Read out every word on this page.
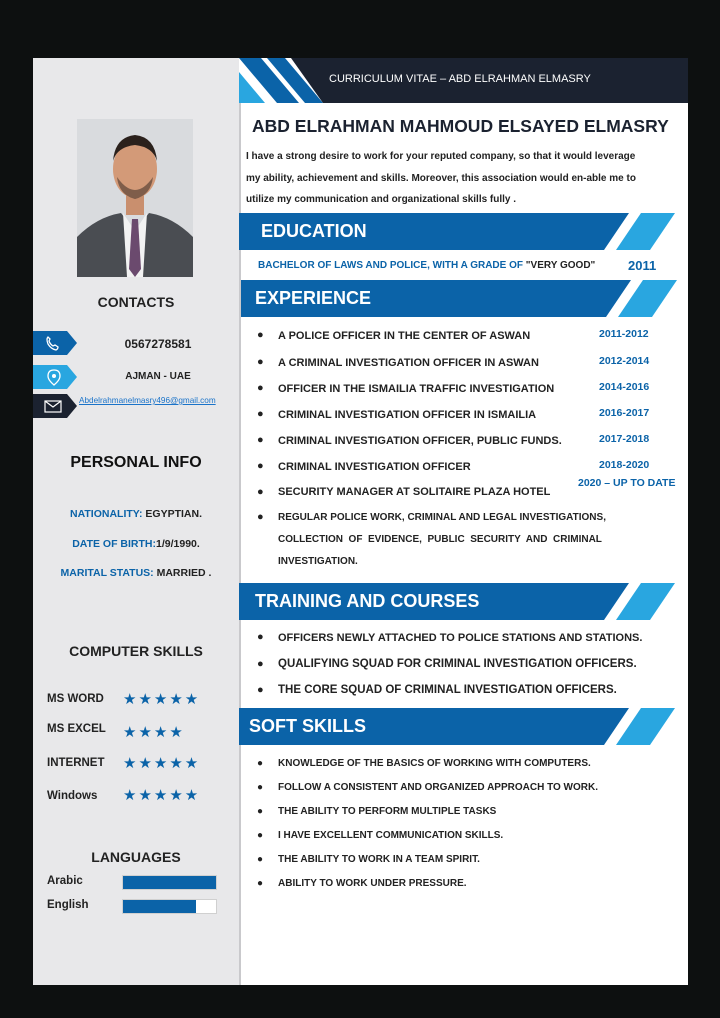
CONTACTS
0567278581
AJMAN - UAE
Abdelrahmanelmasry496@gmail.com
PERSONAL INFO
NATIONALITY: EGYPTIAN.
DATE OF BIRTH:1/9/1990.
MARITAL STATUS: MARRIED .
COMPUTER SKILLS
MS WORD ★★★★★
MS EXCEL ★★★★
INTERNET ★★★★★
Windows ★★★★★
LANGUAGES
Arabic
English
CURRICULUM VITAE – ABD ELRAHMAN ELMASRY
ABD ELRAHMAN MAHMOUD ELSAYED ELMASRY
I have a strong desire to work for your reputed company, so that it would leverage
my ability, achievement and skills. Moreover, this association would en-able me to
utilize my communication and organizational skills fully .
EDUCATION
BACHELOR OF LAWS AND POLICE, WITH A GRADE OF "VERY GOOD"	2011
EXPERIENCE
● A POLICE OFFICER IN THE CENTER OF ASWAN	2011-2012
● A CRIMINAL INVESTIGATION OFFICER IN ASWAN	2012-2014
● OFFICER IN THE ISMAILIA TRAFFIC INVESTIGATION	2014-2016
● CRIMINAL INVESTIGATION OFFICER IN ISMAILIA	2016-2017
● CRIMINAL INVESTIGATION OFFICER, PUBLIC FUNDS.	2017-2018
● CRIMINAL INVESTIGATION OFFICER	2018-2020
● SECURITY MANAGER AT SOLITAIRE PLAZA HOTEL
2020 – UP TO DATE
● REGULAR POLICE WORK, CRIMINAL AND LEGAL INVESTIGATIONS,
COLLECTION  OF  EVIDENCE,  PUBLIC  SECURITY  AND  CRIMINAL
INVESTIGATION.
TRAINING AND COURSES
● OFFICERS NEWLY ATTACHED TO POLICE STATIONS AND STATIONS.
● QUALIFYING SQUAD FOR CRIMINAL INVESTIGATION OFFICERS.
● THE CORE SQUAD OF CRIMINAL INVESTIGATION OFFICERS.
SOFT SKILLS
● KNOWLEDGE OF THE BASICS OF WORKING WITH COMPUTERS.
● FOLLOW A CONSISTENT AND ORGANIZED APPROACH TO WORK.
● THE ABILITY TO PERFORM MULTIPLE TASKS
● I HAVE EXCELLENT COMMUNICATION SKILLS.
● THE ABILITY TO WORK IN A TEAM SPIRIT.
● ABILITY TO WORK UNDER PRESSURE.
